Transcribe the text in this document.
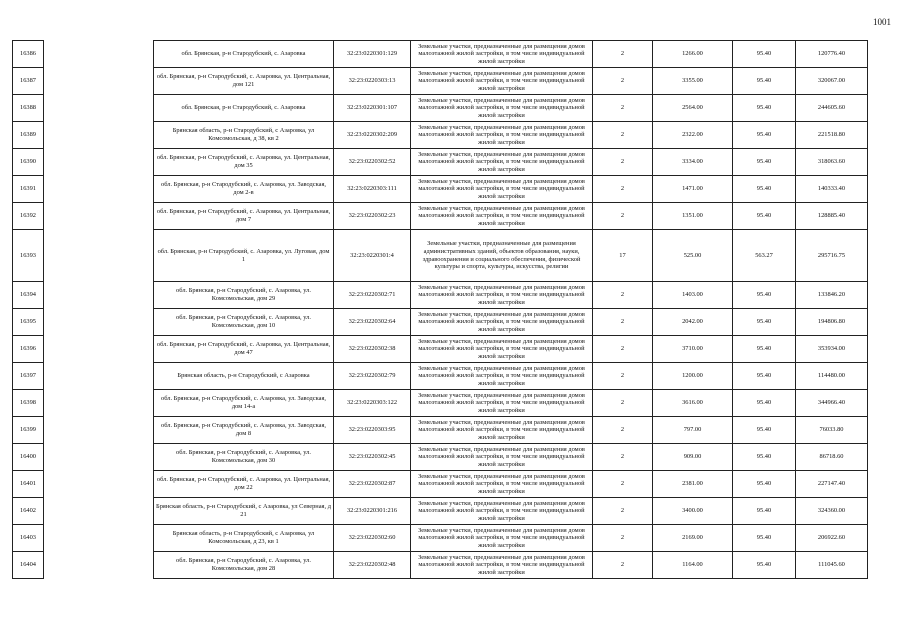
1001
16386		обл. Брянская, р-н Стародубский, с. Азаровка	32:23:0220301:129	Земельные участки, предназначенные для размещения домов малоэтажной жилой застройки, в том числе индивидуальной жилой застройки	2	1266.00	95.40	120776.40
16387		обл. Брянская, р-н Стародубский, с. Азаровка, ул. Центральная, дом 121	32:23:0220303:13	Земельные участки, предназначенные для размещения домов малоэтажной жилой застройки, в том числе индивидуальной жилой застройки	2	3355.00	95.40	320067.00
16388		обл. Брянская, р-н Стародубский, с. Азаровка	32:23:0220301:107	Земельные участки, предназначенные для размещения домов малоэтажной жилой застройки, в том числе индивидуальной жилой застройки	2	2564.00	95.40	244605.60
16389		Брянская область, р-н Стародубский, с Азаровка, ул Комсомольская, д 38, кв 2	32:23:0220302:209	Земельные участки, предназначенные для размещения домов малоэтажной жилой застройки, в том числе индивидуальной жилой застройки	2	2322.00	95.40	221518.80
16390		обл. Брянская, р-н Стародубский, с. Азаровка, ул. Центральная, дом 35	32:23:0220302:52	Земельные участки, предназначенные для размещения домов малоэтажной жилой застройки, в том числе индивидуальной жилой застройки	2	3334.00	95.40	318063.60
16391		обл. Брянская, р-н Стародубский, с. Азаровка, ул. Заводская, дом 2-в	32:23:0220303:111	Земельные участки, предназначенные для размещения домов малоэтажной жилой застройки, в том числе индивидуальной жилой застройки	2	1471.00	95.40	140333.40
16392		обл. Брянская, р-н Стародубский, с. Азаровка, ул. Центральная, дом 7	32:23:0220302:23	Земельные участки, предназначенные для размещения домов малоэтажной жилой застройки, в том числе индивидуальной жилой застройки	2	1351.00	95.40	128885.40
16393		обл. Брянская, р-н Стародубский, с. Азаровка, ул. Луговая, дом 1	32:23:0220301:4	Земельные участки, предназначенные для размещения административных зданий, объектов образования, науки, здравоохранения и социального обеспечения, физической культуры и спорта, культуры, искусства, религии	17	525.00	563.27	295716.75
16394		обл. Брянская, р-н Стародубский, с. Азаровка, ул. Комсомольская, дом 29	32:23:0220302:71	Земельные участки, предназначенные для размещения домов малоэтажной жилой застройки, в том числе индивидуальной жилой застройки	2	1403.00	95.40	133846.20
16395		обл. Брянская, р-н Стародубский, с. Азаровка, ул. Комсомольская, дом 10	32:23:0220302:64	Земельные участки, предназначенные для размещения домов малоэтажной жилой застройки, в том числе индивидуальной жилой застройки	2	2042.00	95.40	194806.80
16396		обл. Брянская, р-н Стародубский, с. Азаровка, ул. Центральная, дом 47	32:23:0220302:38	Земельные участки, предназначенные для размещения домов малоэтажной жилой застройки, в том числе индивидуальной жилой застройки	2	3710.00	95.40	353934.00
16397		Брянская область, р-н Стародубский, с Азаровка	32:23:0220302:79	Земельные участки, предназначенные для размещения домов малоэтажной жилой застройки, в том числе индивидуальной жилой застройки	2	1200.00	95.40	114480.00
16398		обл. Брянская, р-н Стародубский, с. Азаровка, ул. Заводская, дом 14-а	32:23:0220303:122	Земельные участки, предназначенные для размещения домов малоэтажной жилой застройки, в том числе индивидуальной жилой застройки	2	3616.00	95.40	344966.40
16399		обл. Брянская, р-н Стародубский, с. Азаровка, ул. Заводская, дом 8	32:23:0220303:95	Земельные участки, предназначенные для размещения домов малоэтажной жилой застройки, в том числе индивидуальной жилой застройки	2	797.00	95.40	76033.80
16400		обл. Брянская, р-н Стародубский, с. Азаровка, ул. Комсомольская, дом 30	32:23:0220302:45	Земельные участки, предназначенные для размещения домов малоэтажной жилой застройки, в том числе индивидуальной жилой застройки	2	909.00	95.40	86718.60
16401		обл. Брянская, р-н Стародубский, с. Азаровка, ул. Центральная, дом 22	32:23:0220302:87	Земельные участки, предназначенные для размещения домов малоэтажной жилой застройки, в том числе индивидуальной жилой застройки	2	2381.00	95.40	227147.40
16402		Брянская область, р-н Стародубский, с Азаровка, ул Северная, д 21	32:23:0220301:216	Земельные участки, предназначенные для размещения домов малоэтажной жилой застройки, в том числе индивидуальной жилой застройки	2	3400.00	95.40	324360.00
16403		Брянская область, р-н Стародубский, с Азаровка, ул Комсомольская, д 23, кв 1	32:23:0220302:60	Земельные участки, предназначенные для размещения домов малоэтажной жилой застройки, в том числе индивидуальной жилой застройки	2	2169.00	95.40	206922.60
16404		обл. Брянская, р-н Стародубский, с. Азаровка, ул. Комсомольская, дом 28	32:23:0220302:48	Земельные участки, предназначенные для размещения домов малоэтажной жилой застройки, в том числе индивидуальной жилой застройки	2	1164.00	95.40	111045.60
